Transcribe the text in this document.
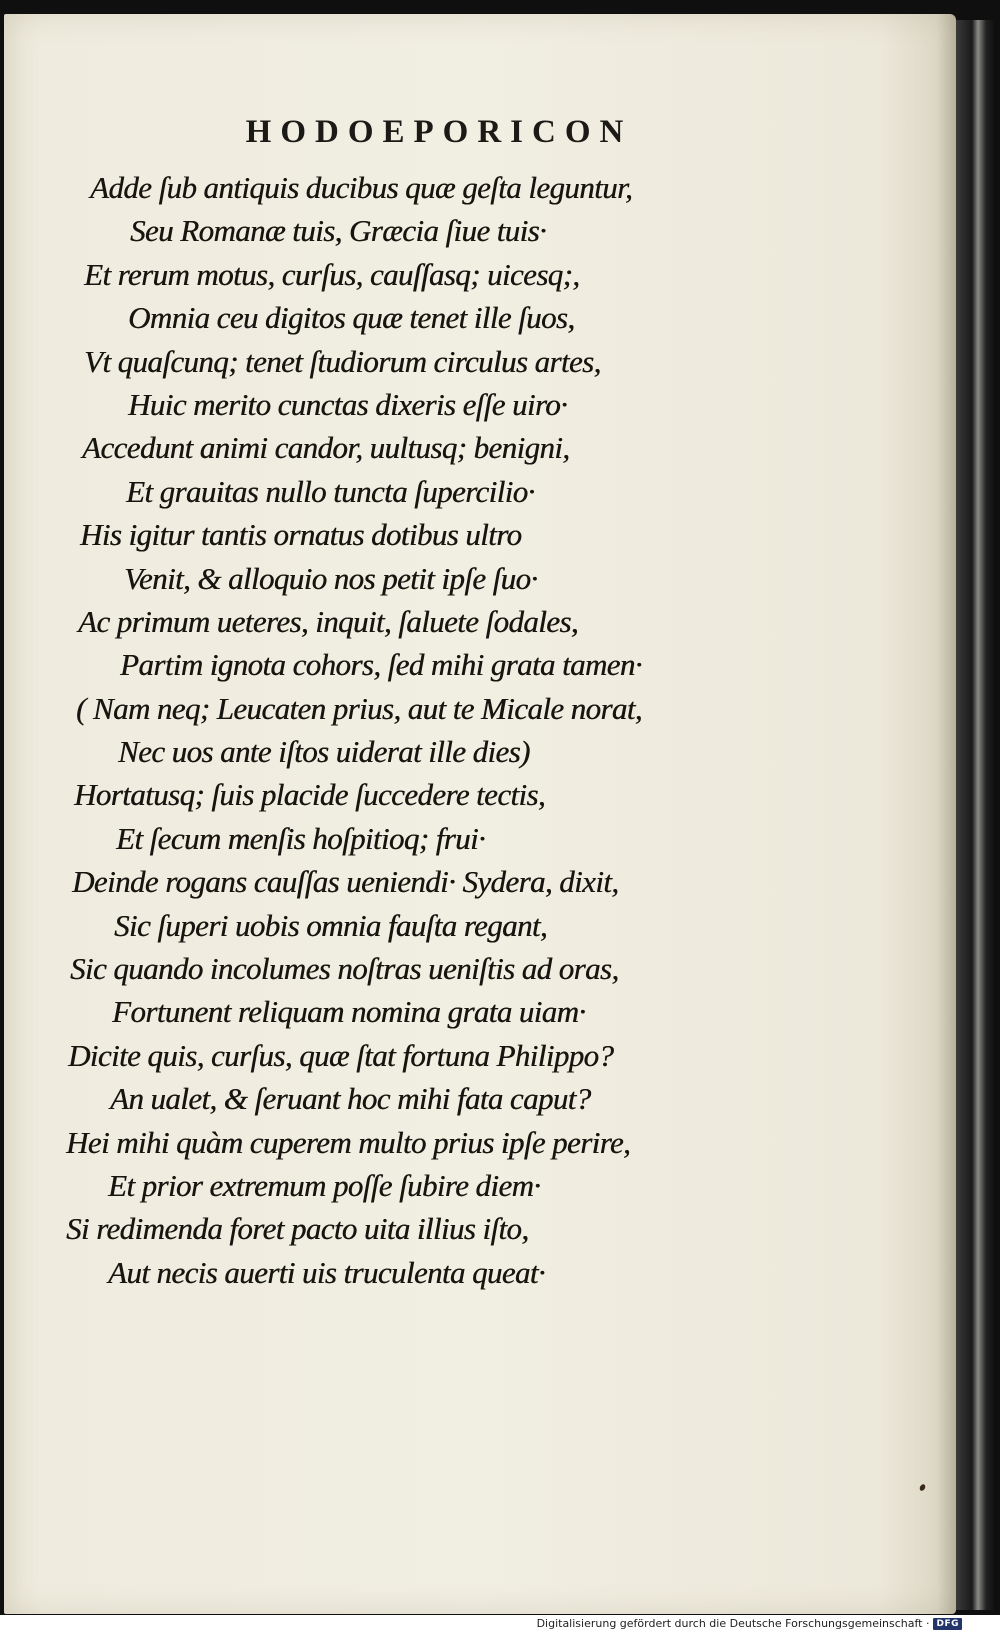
HODOEPORICON
Adde ſub antiquis ducibus quæ geſta leguntur,
Seu Romanæ tuis, Græcia ſiue tuis·
Et rerum motus, curſus, cauſſasq; uicesq;,
Omnia ceu digitos quæ tenet ille ſuos,
Vt quaſcunq; tenet ſtudiorum circulus artes,
Huic merito cunctas dixeris eſſe uiro·
Accedunt animi candor, uultusq; benigni,
Et grauitas nullo tuncta ſupercilio·
His igitur tantis ornatus dotibus ultro
Venit, & alloquio nos petit ipſe ſuo·
Ac primum ueteres, inquit, ſaluete ſodales,
Partim ignota cohors, ſed mihi grata tamen·
( Nam neq; Leucaten prius, aut te Micale norat,
Nec uos ante iſtos uiderat ille dies)
Hortatusq; ſuis placide ſuccedere tectis,
Et ſecum menſis hoſpitioq; frui·
Deinde rogans cauſſas ueniendi· Sydera, dixit,
Sic ſuperi uobis omnia fauſta regant,
Sic quando incolumes noſtras ueniſtis ad oras,
Fortunent reliquam nomina grata uiam·
Dicite quis, curſus, quæ ſtat fortuna Philippo?
An ualet, & ſeruant hoc mihi fata caput?
Hei mihi quàm cuperem multo prius ipſe perire,
Et prior extremum poſſe ſubire diem·
Si redimenda foret pacto uita illius iſto,
Aut necis auerti uis truculenta queat·
Digitalisierung gefördert durch die Deutsche Forschungsgemeinschaft · DFG
